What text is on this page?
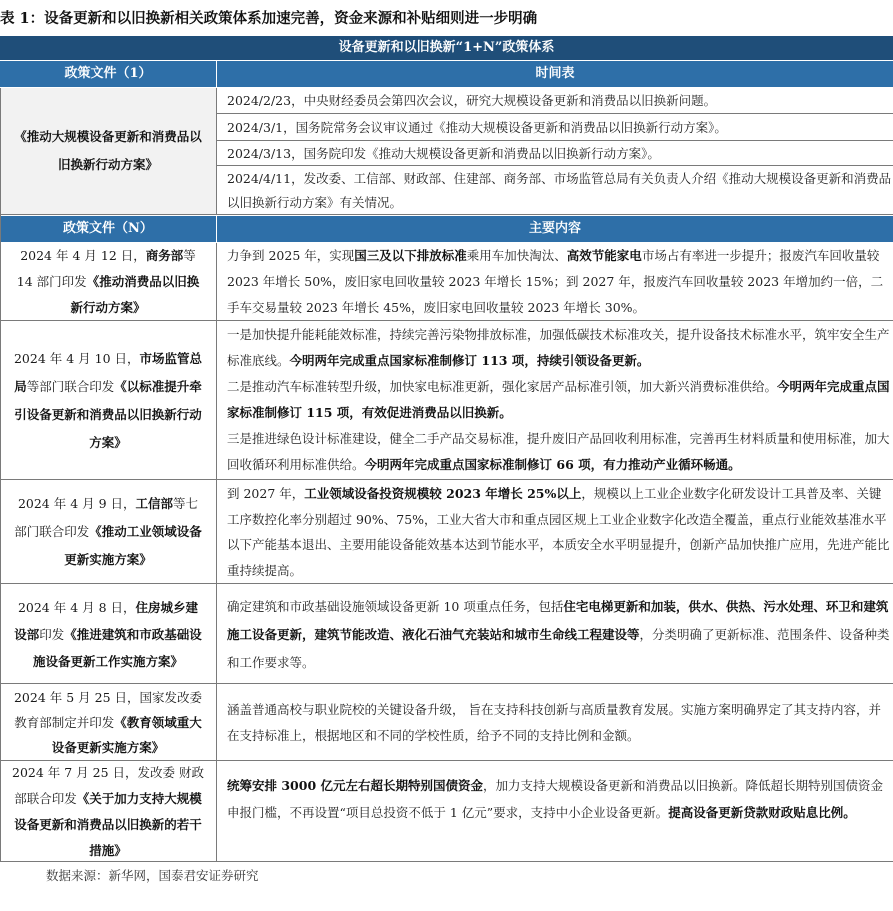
表 1：设备更新和以旧换新相关政策体系加速完善，资金来源和补贴细则进一步明确
设备更新和以旧换新“1+N”政策体系
政策文件（1）	时间表
《推动大规模设备更新和消费品以旧换新行动方案》
2024/2/23，中央财经委员会第四次会议，研究大规模设备更新和消费品以旧换新问题。
2024/3/1，国务院常务会议审议通过《推动大规模设备更新和消费品以旧换新行动方案》。
2024/3/13，国务院印发《推动大规模设备更新和消费品以旧换新行动方案》。
2024/4/11，发改委、工信部、财政部、住建部、商务部、市场监管总局有关负责人介绍《推动大规模设备更新和消费品以旧换新行动方案》有关情况。
政策文件（N）	主要内容
2024 年 4 月 12 日，商务部等 14 部门印发《推动消费品以旧换新行动方案》
力争到 2025 年，实现国三及以下排放标准乘用车加快淘汰、高效节能家电市场占有率进一步提升；报废汽车回收量较 2023 年增长 50%，废旧家电回收量较 2023 年增长 15%；到 2027 年，报废汽车回收量较 2023 年增加约一倍，二手车交易量较 2023 年增长 45%，废旧家电回收量较 2023 年增长 30%。
2024 年 4 月 10 日，市场监管总局等部门联合印发《以标准提升牵引设备更新和消费品以旧换新行动方案》
一是加快提升能耗能效标准，持续完善污染物排放标准，加强低碳技术标准攻关，提升设备技术标准水平，筑牢安全生产标准底线。今明两年完成重点国家标准制修订 113 项，持续引领设备更新。
二是推动汽车标准转型升级，加快家电标准更新，强化家居产品标准引领，加大新兴消费标准供给。今明两年完成重点国家标准制修订 115 项，有效促进消费品以旧换新。
三是推进绿色设计标准建设，健全二手产品交易标准，提升废旧产品回收利用标准，完善再生材料质量和使用标准，加大回收循环利用标准供给。今明两年完成重点国家标准制修订 66 项，有力推动产业循环畅通。
2024 年 4 月 9 日，工信部等七部门联合印发《推动工业领域设备更新实施方案》
到 2027 年，工业领域设备投资规模较 2023 年增长 25%以上，规模以上工业企业数字化研发设计工具普及率、关键工序数控化率分别超过 90%、75%，工业大省大市和重点园区规上工业企业数字化改造全覆盖，重点行业能效基准水平以下产能基本退出、主要用能设备能效基本达到节能水平，本质安全水平明显提升，创新产品加快推广应用，先进产能比重持续提高。
2024 年 4 月 8 日，住房城乡建设部印发《推进建筑和市政基础设施设备更新工作实施方案》
确定建筑和市政基础设施领域设备更新 10 项重点任务，包括住宅电梯更新和加装，供水、供热、污水处理、环卫和建筑施工设备更新，建筑节能改造、液化石油气充装站和城市生命线工程建设等，分类明确了更新标准、范围条件、设备种类和工作要求等。
2024 年 5 月 25 日，国家发改委 教育部制定并印发《教育领域重大设备更新实施方案》
涵盖普通高校与职业院校的关键设备升级， 旨在支持科技创新与高质量教育发展。实施方案明确界定了其支持内容，并在支持标准上，根据地区和不同的学校性质，给予不同的支持比例和金额。
2024 年 7 月 25 日，发改委 财政部联合印发《关于加力支持大规模设备更新和消费品以旧换新的若干措施》
统筹安排 3000 亿元左右超长期特别国债资金，加力支持大规模设备更新和消费品以旧换新。降低超长期特别国债资金申报门槛，不再设置“项目总投资不低于 1 亿元”要求，支持中小企业设备更新。提高设备更新贷款财政贴息比例。
数据来源：新华网，国泰君安证券研究
